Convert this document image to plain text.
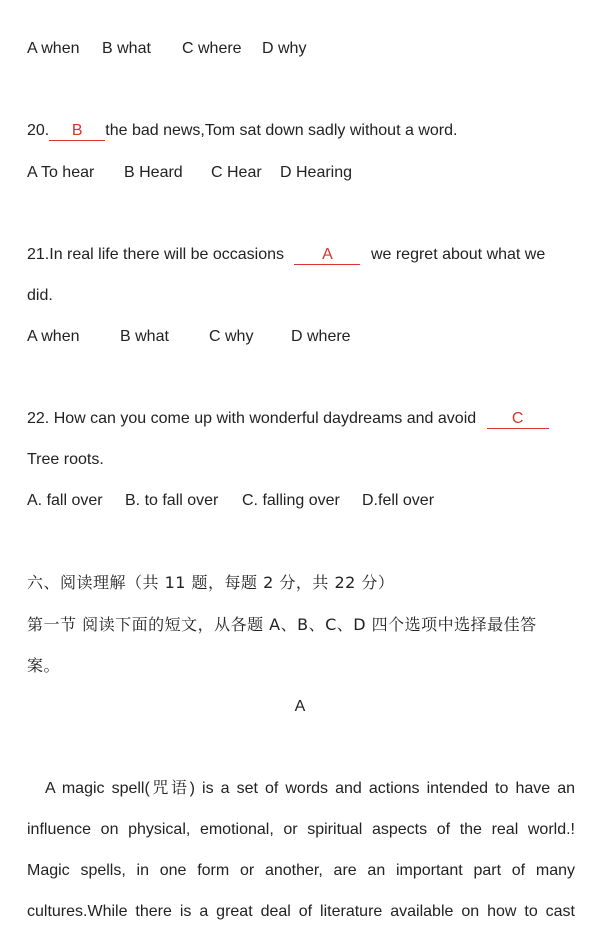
A when B what C where D why
20. B the bad news,Tom sat down sadly without a word.
A To hear B Heard C Hear D Hearing
21.In real life there will be occasions A we regret about what we
did.
A when	B what	C why D where
22. How can you come up with wonderful daydreams and avoid C
Tree roots.
A. fall over B. to fall over C. falling over D.fell over
六、阅读理解（共 11 题，每题 2 分，共 22 分）
第一节 阅读下面的短文，从各题 A、B、C、D 四个选项中选择最佳答
案。
A
A magic spell(咒语) is a set of words and actions intended to have an
influence on physical, emotional, or spiritual aspects of the real world.!
Magic spells, in one form or another, are an important part of many
cultures.While there is a great deal of literature available on how to cast
